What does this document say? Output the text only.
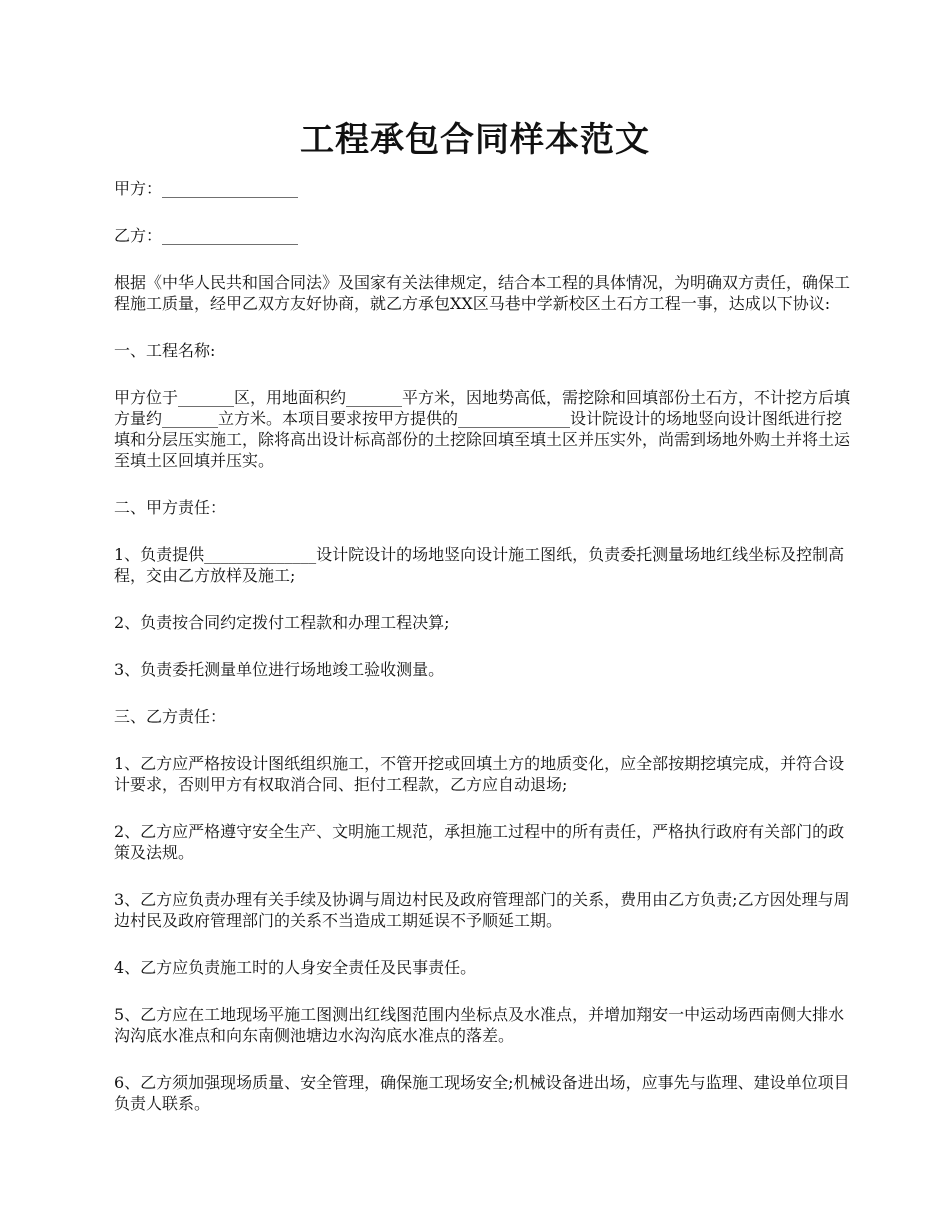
工程承包合同样本范文

甲方：_________________

乙方：_________________

根据《中华人民共和国合同法》及国家有关法律规定，结合本工程的具体情况，为明确双方责任，确保工程施工质量，经甲乙双方友好协商，就乙方承包XX区马巷中学新校区土石方工程一事，达成以下协议:

一、工程名称:

甲方位于_______区，用地面积约_______平方米，因地势高低，需挖除和回填部份土石方，不计挖方后填方量约_______立方米。本项目要求按甲方提供的______________设计院设计的场地竖向设计图纸进行挖填和分层压实施工，除将高出设计标高部份的土挖除回填至填土区并压实外，尚需到场地外购土并将土运至填土区回填并压实。

二、甲方责任：

1、负责提供______________设计院设计的场地竖向设计施工图纸，负责委托测量场地红线坐标及控制高程，交由乙方放样及施工;

2、负责按合同约定拨付工程款和办理工程决算;

3、负责委托测量单位进行场地竣工验收测量。

三、乙方责任：

1、乙方应严格按设计图纸组织施工，不管开挖或回填土方的地质变化，应全部按期挖填完成，并符合设计要求，否则甲方有权取消合同、拒付工程款，乙方应自动退场;

2、乙方应严格遵守安全生产、文明施工规范，承担施工过程中的所有责任，严格执行政府有关部门的政策及法规。

3、乙方应负责办理有关手续及协调与周边村民及政府管理部门的关系，费用由乙方负责;乙方因处理与周边村民及政府管理部门的关系不当造成工期延误不予顺延工期。

4、乙方应负责施工时的人身安全责任及民事责任。

5、乙方应在工地现场平施工图测出红线图范围内坐标点及水准点，并增加翔安一中运动场西南侧大排水沟沟底水准点和向东南侧池塘边水沟沟底水准点的落差。

6、乙方须加强现场质量、安全管理，确保施工现场安全;机械设备进出场，应事先与监理、建设单位项目负责人联系。
